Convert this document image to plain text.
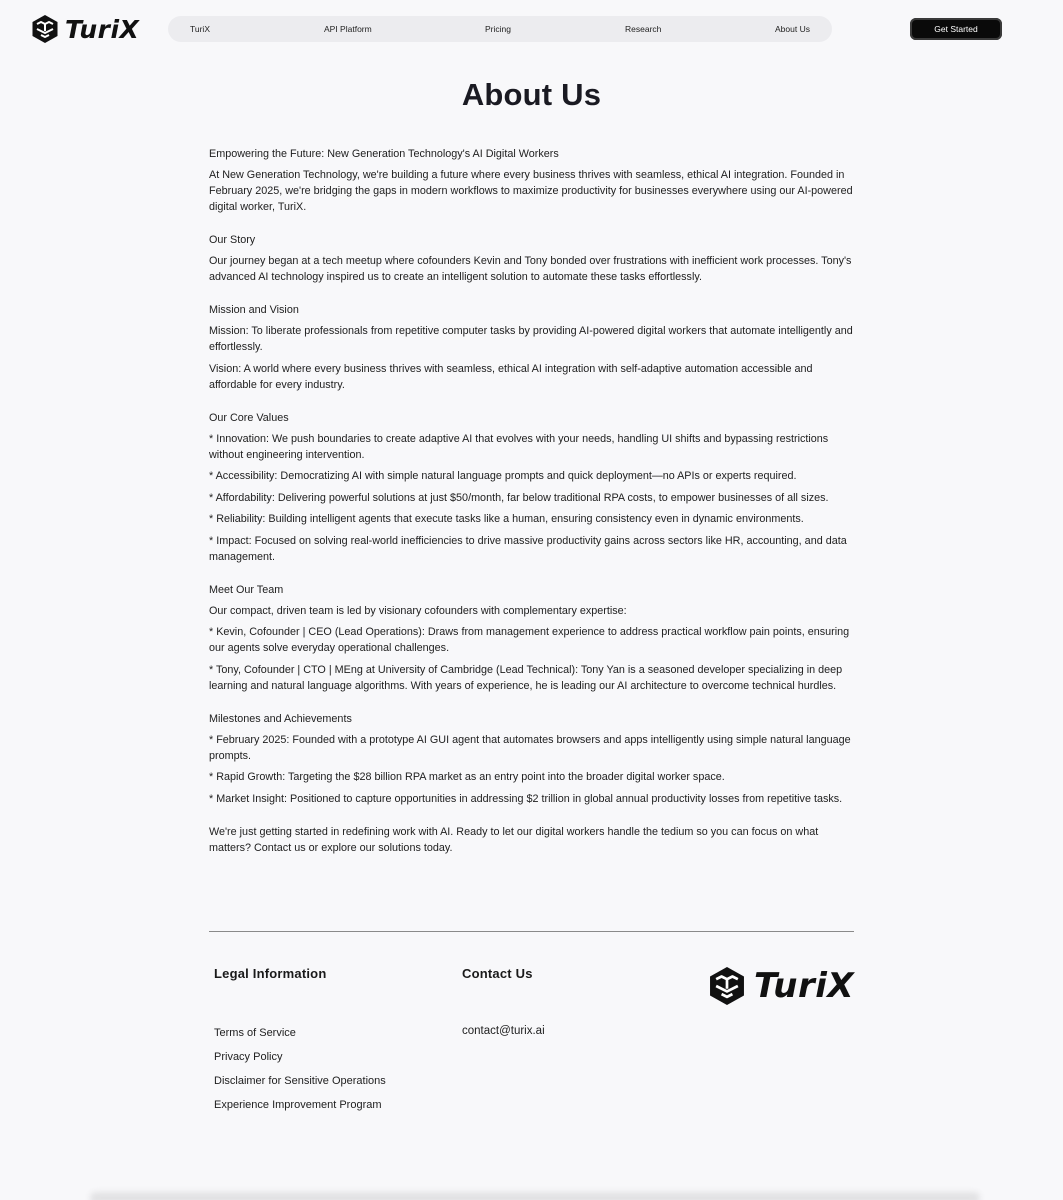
TuriX	TuriX	API Platform	Pricing	Research	About Us	Get Started
About Us
Empowering the Future: New Generation Technology's AI Digital Workers

At New Generation Technology, we're building a future where every business thrives with seamless, ethical AI integration. Founded in February 2025, we're bridging the gaps in modern workflows to maximize productivity for businesses everywhere using our AI-powered digital worker, TuriX.

Our Story

Our journey began at a tech meetup where cofounders Kevin and Tony bonded over frustrations with inefficient work processes. Tony's advanced AI technology inspired us to create an intelligent solution to automate these tasks effortlessly.

Mission and Vision

Mission: To liberate professionals from repetitive computer tasks by providing AI-powered digital workers that automate intelligently and effortlessly.

Vision: A world where every business thrives with seamless, ethical AI integration with self-adaptive automation accessible and affordable for every industry.

Our Core Values

* Innovation: We push boundaries to create adaptive AI that evolves with your needs, handling UI shifts and bypassing restrictions without engineering intervention.

* Accessibility: Democratizing AI with simple natural language prompts and quick deployment—no APIs or experts required.

* Affordability: Delivering powerful solutions at just $50/month, far below traditional RPA costs, to empower businesses of all sizes.

* Reliability: Building intelligent agents that execute tasks like a human, ensuring consistency even in dynamic environments.

* Impact: Focused on solving real-world inefficiencies to drive massive productivity gains across sectors like HR, accounting, and data management.

Meet Our Team

Our compact, driven team is led by visionary cofounders with complementary expertise:

* Kevin, Cofounder | CEO (Lead Operations): Draws from management experience to address practical workflow pain points, ensuring our agents solve everyday operational challenges.

* Tony, Cofounder | CTO | MEng at University of Cambridge (Lead Technical): Tony Yan is a seasoned developer specializing in deep learning and natural language algorithms. With years of experience, he is leading our AI architecture to overcome technical hurdles.

Milestones and Achievements

* February 2025: Founded with a prototype AI GUI agent that automates browsers and apps intelligently using simple natural language prompts.

* Rapid Growth: Targeting the $28 billion RPA market as an entry point into the broader digital worker space.

* Market Insight: Positioned to capture opportunities in addressing $2 trillion in global annual productivity losses from repetitive tasks.

We're just getting started in redefining work with AI. Ready to let our digital workers handle the tedium so you can focus on what matters? Contact us or explore our solutions today.

Legal Information	Contact Us
Terms of Service
Privacy Policy
Disclaimer for Sensitive Operations
Experience Improvement Program
contact@turix.ai
TuriX
